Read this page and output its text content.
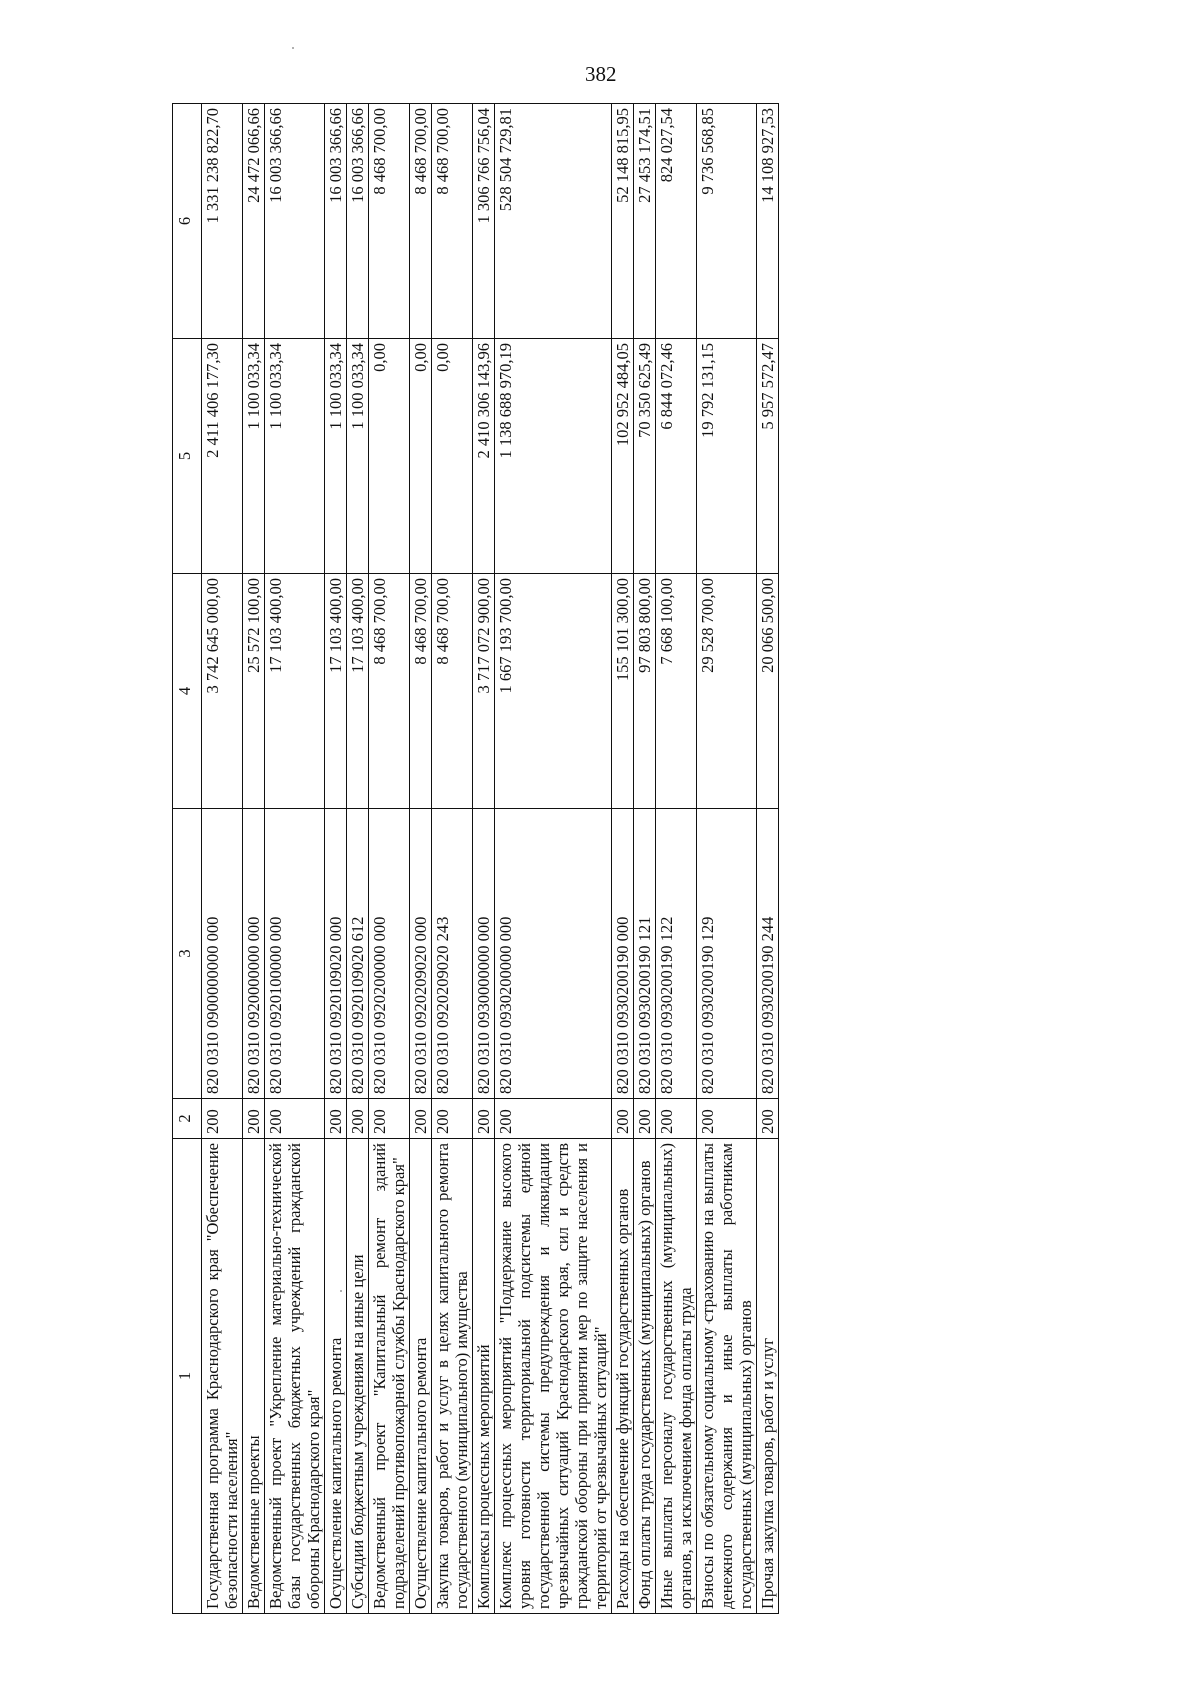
382
1	2	3	4	5	6
Государственная программа Краснодарского края "Обеспечение безопасности населения"	200	820 0310 0900000000 000	3 742 645 000,00	2 411 406 177,30	1 331 238 822,70
Ведомственные проекты	200	820 0310 0920000000 000	25 572 100,00	1 100 033,34	24 472 066,66
Ведомственный проект "Укрепление материально-технической базы государственных бюджетных учреждений гражданской обороны Краснодарского края"	200	820 0310 0920100000 000	17 103 400,00	1 100 033,34	16 003 366,66
Осуществление капитального ремонта	200	820 0310 0920109020 000	17 103 400,00	1 100 033,34	16 003 366,66
Субсидии бюджетным учреждениям на иные цели	200	820 0310 0920109020 612	17 103 400,00	1 100 033,34	16 003 366,66
Ведомственный проект "Капитальный ремонт зданий подразделений противопожарной службы Краснодарского края"	200	820 0310 0920200000 000	8 468 700,00	0,00	8 468 700,00
Осуществление капитального ремонта	200	820 0310 0920209020 000	8 468 700,00	0,00	8 468 700,00
Закупка товаров, работ и услуг в целях капитального ремонта государственного (муниципального) имущества	200	820 0310 0920209020 243	8 468 700,00	0,00	8 468 700,00
Комплексы процессных мероприятий	200	820 0310 0930000000 000	3 717 072 900,00	2 410 306 143,96	1 306 766 756,04
Комплекс процессных мероприятий "Поддержание высокого уровня готовности территориальной подсистемы единой государственной системы предупреждения и ликвидации чрезвычайных ситуаций Краснодарского края, сил и средств гражданской обороны при принятии мер по защите населения и территорий от чрезвычайных ситуаций"	200	820 0310 0930200000 000	1 667 193 700,00	1 138 688 970,19	528 504 729,81
Расходы на обеспечение функций государственных органов	200	820 0310 0930200190 000	155 101 300,00	102 952 484,05	52 148 815,95
Фонд оплаты труда государственных (муниципальных) органов	200	820 0310 0930200190 121	97 803 800,00	70 350 625,49	27 453 174,51
Иные выплаты персоналу государственных (муниципальных) органов, за исключением фонда оплаты труда	200	820 0310 0930200190 122	7 668 100,00	6 844 072,46	824 027,54
Взносы по обязательному социальному страхованию на выплаты денежного содержания и иные выплаты работникам государственных (муниципальных) органов	200	820 0310 0930200190 129	29 528 700,00	19 792 131,15	9 736 568,85
Прочая закупка товаров, работ и услуг	200	820 0310 0930200190 244	20 066 500,00	5 957 572,47	14 108 927,53
